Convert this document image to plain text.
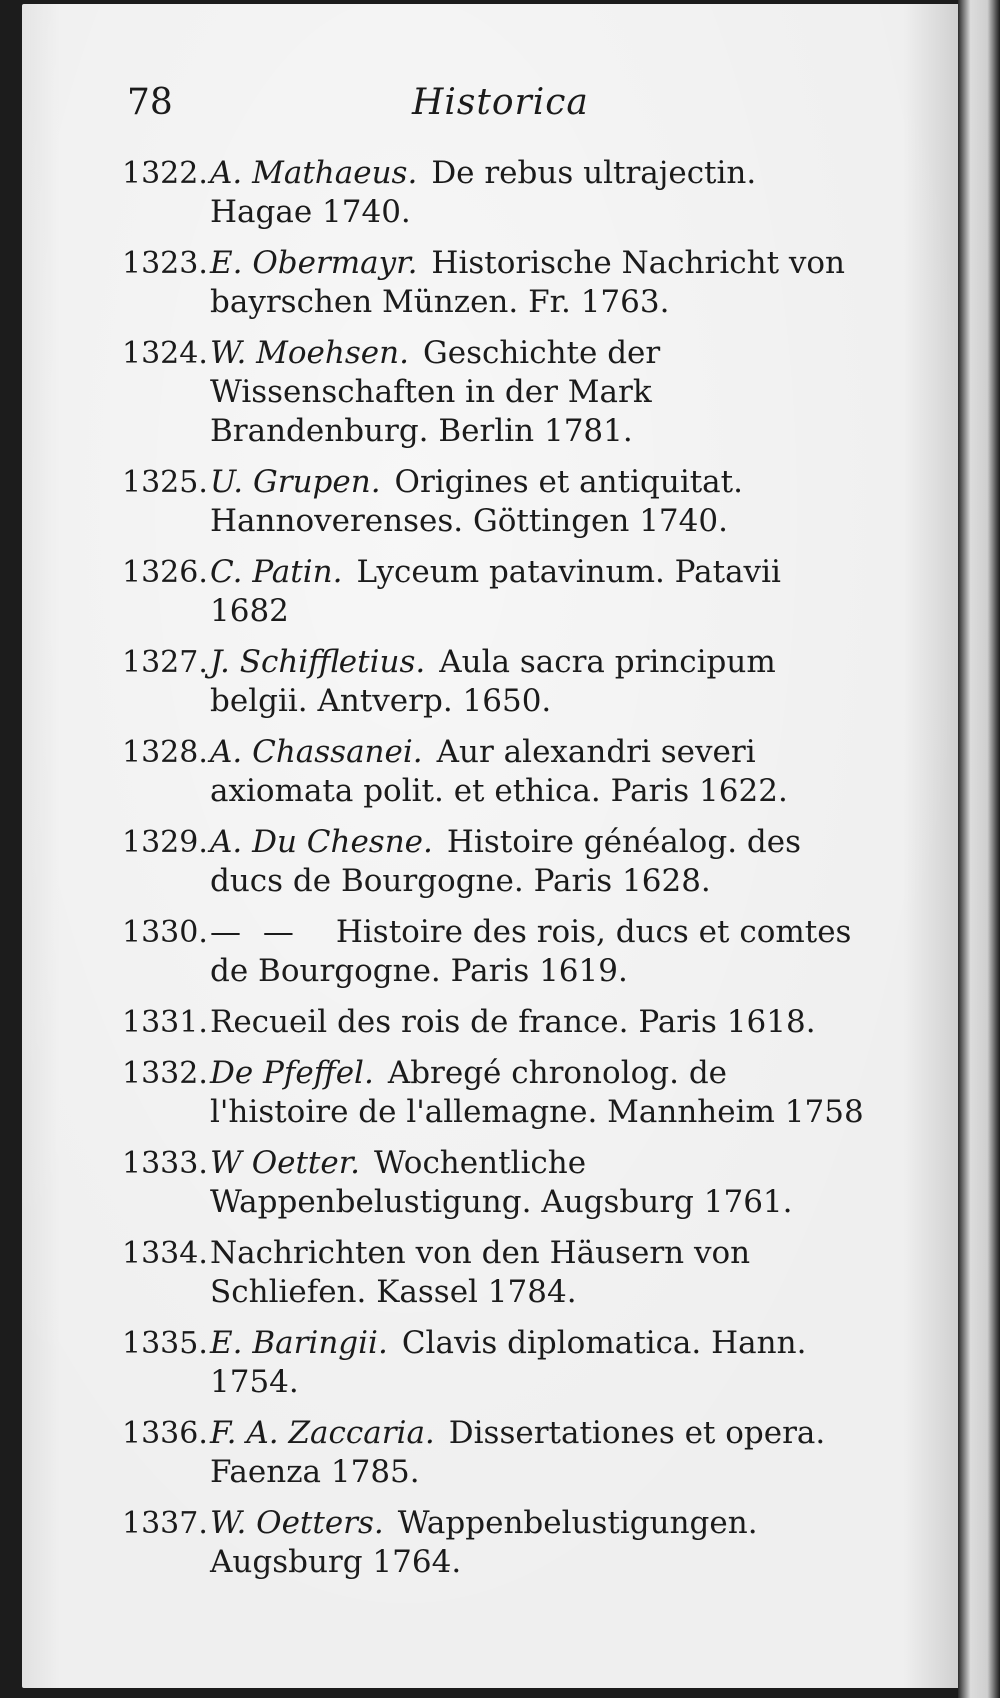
78	Historica
1322. A. Mathaeus. De rebus ultrajectin. Hagae 1740.
1323. E. Obermayr. Historische Nachricht von bayrschen Münzen. Fr. 1763.
1324. W. Moehsen. Geschichte der Wissenschaften in der Mark Brandenburg. Berlin 1781.
1325. U. Grupen. Origines et antiquitat. Hannoverenses. Göttingen 1740.
1326. C. Patin. Lyceum patavinum. Patavii 1682
1327. J. Schiffletius. Aula sacra principum belgii. Antverp. 1650.
1328. A. Chassanei. Aur alexandri severi axiomata polit. et ethica. Paris 1622.
1329. A. Du Chesne. Histoire généalog. des ducs de Bourgogne. Paris 1628.
1330. — — Histoire des rois, ducs et comtes de Bourgogne. Paris 1619.
1331. Recueil des rois de france. Paris 1618.
1332. De Pfeffel. Abregé chronolog. de l'histoire de l'allemagne. Mannheim 1758
1333. W Oetter. Wochentliche Wappenbelustigung. Augsburg 1761.
1334. Nachrichten von den Häusern von Schliefen. Kassel 1784.
1335. E. Baringii. Clavis diplomatica. Hann. 1754.
1336. F. A. Zaccaria. Dissertationes et opera. Faenza 1785.
1337. W. Oetters. Wappenbelustigungen. Augsburg 1764.
